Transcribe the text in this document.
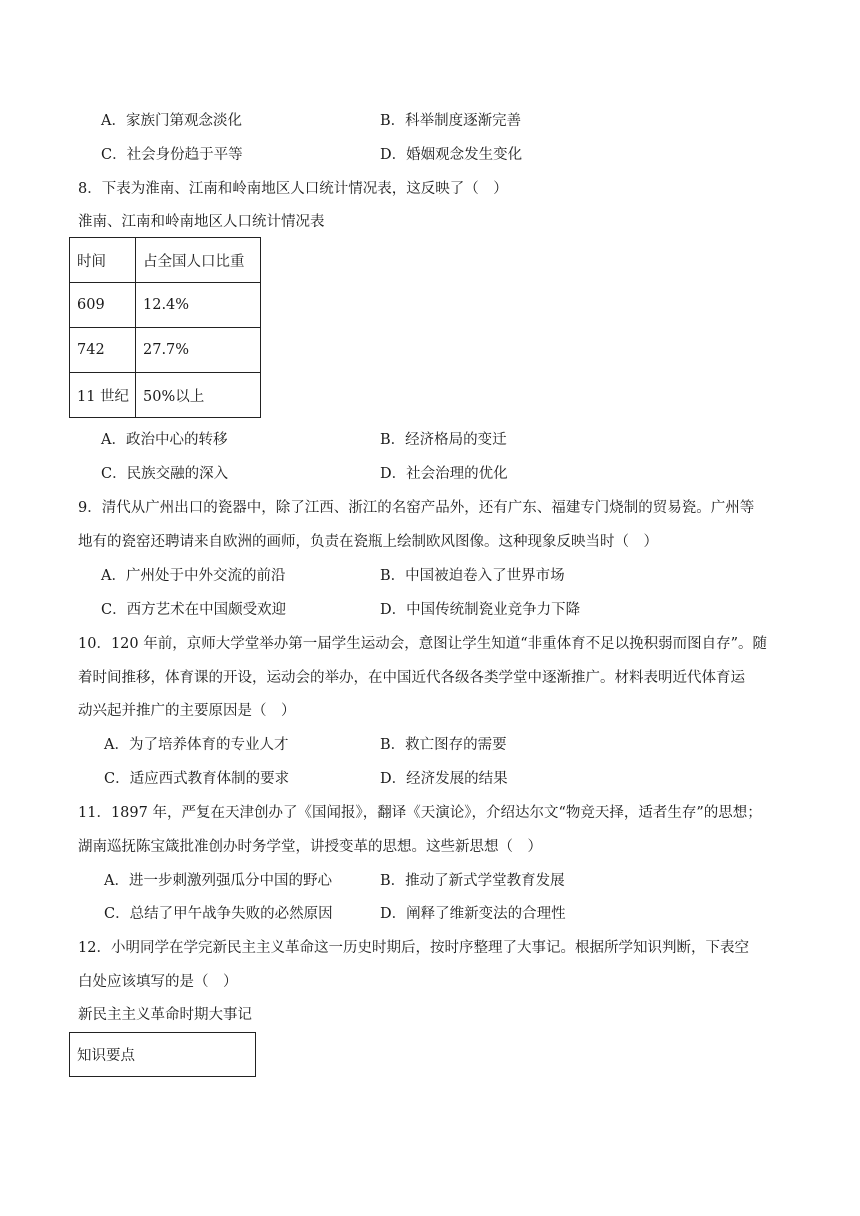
A．家族门第观念淡化	B．科举制度逐渐完善
C．社会身份趋于平等	D．婚姻观念发生变化
8．下表为淮南、江南和岭南地区人口统计情况表，这反映了（　）
淮南、江南和岭南地区人口统计情况表
时间	占全国人口比重
609	12.4%
742	27.7%
11 世纪	50%以上
A．政治中心的转移	B．经济格局的变迁
C．民族交融的深入	D．社会治理的优化
9．清代从广州出口的瓷器中，除了江西、浙江的名窑产品外，还有广东、福建专门烧制的贸易瓷。广州等
地有的瓷窑还聘请来自欧洲的画师，负责在瓷瓶上绘制欧风图像。这种现象反映当时（　）
A．广州处于中外交流的前沿	B．中国被迫卷入了世界市场
C．西方艺术在中国颇受欢迎	D．中国传统制瓷业竞争力下降
10．120 年前，京师大学堂举办第一届学生运动会，意图让学生知道“非重体育不足以挽积弱而图自存”。随
着时间推移，体育课的开设，运动会的举办，在中国近代各级各类学堂中逐渐推广。材料表明近代体育运
动兴起并推广的主要原因是（　）
A．为了培养体育的专业人才	B．救亡图存的需要
C．适应西式教育体制的要求	D．经济发展的结果
11．1897 年，严复在天津创办了《国闻报》，翻译《天演论》，介绍达尔文“物竞天择，适者生存”的思想；
湖南巡抚陈宝箴批准创办时务学堂，讲授变革的思想。这些新思想（　）
A．进一步刺激列强瓜分中国的野心	B．推动了新式学堂教育发展
C．总结了甲午战争失败的必然原因	D．阐释了维新变法的合理性
12．小明同学在学完新民主主义革命这一历史时期后，按时序整理了大事记。根据所学知识判断，下表空
白处应该填写的是（　）
新民主主义革命时期大事记
知识要点
